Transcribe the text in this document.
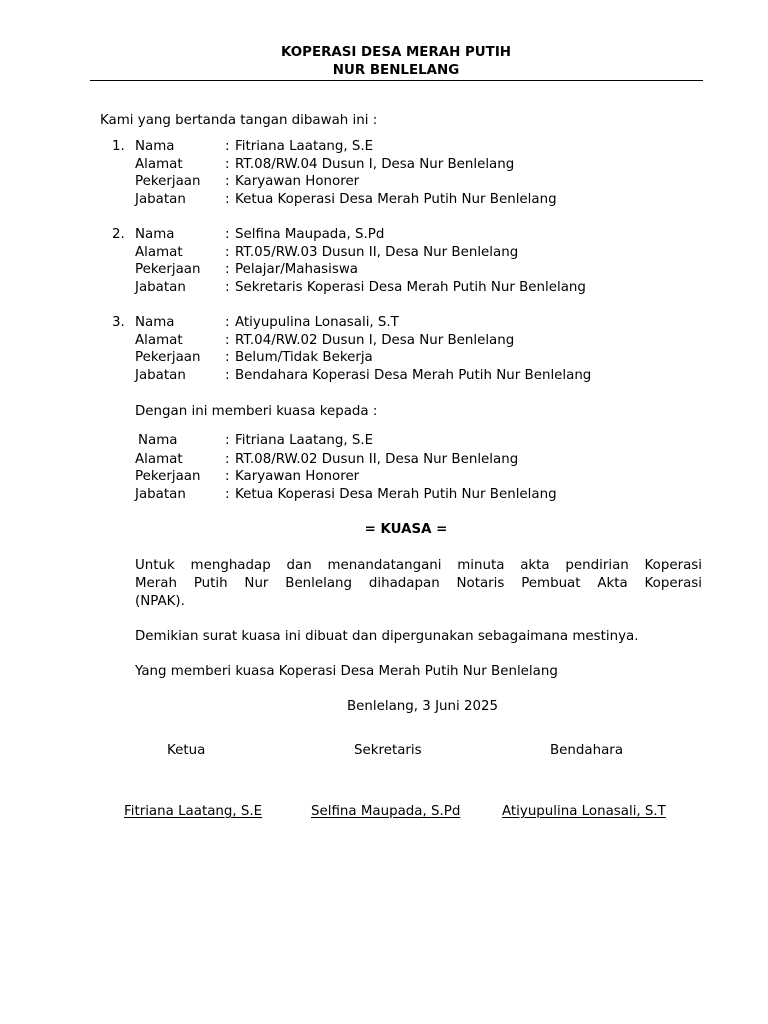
KOPERASI DESA MERAH PUTIH
NUR BENLELANG
Kami yang bertanda tangan dibawah ini :
1. Nama	: Fitriana Laatang, S.E
Alamat	: RT.08/RW.04 Dusun I, Desa Nur Benlelang
Pekerjaan : Karyawan Honorer
Jabatan	: Ketua Koperasi Desa Merah Putih Nur Benlelang
2. Nama	: Selfina Maupada, S.Pd
Alamat	: RT.05/RW.03 Dusun II, Desa Nur Benlelang
Pekerjaan : Pelajar/Mahasiswa
Jabatan	: Sekretaris Koperasi Desa Merah Putih Nur Benlelang
3. Nama	: Atiyupulina Lonasali, S.T
Alamat	: RT.04/RW.02 Dusun I, Desa Nur Benlelang
Pekerjaan : Belum/Tidak Bekerja
Jabatan	: Bendahara Koperasi Desa Merah Putih Nur Benlelang
Dengan ini memberi kuasa kepada :
Nama	: Fitriana Laatang, S.E
Alamat	: RT.08/RW.02 Dusun II, Desa Nur Benlelang
Pekerjaan : Karyawan Honorer
Jabatan	: Ketua Koperasi Desa Merah Putih Nur Benlelang
= KUASA =
Untuk menghadap dan menandatangani minuta akta pendirian Koperasi
Merah Putih Nur Benlelang dihadapan Notaris Pembuat Akta Koperasi
(NPAK).
Demikian surat kuasa ini dibuat dan dipergunakan sebagaimana mestinya.
Yang memberi kuasa Koperasi Desa Merah Putih Nur Benlelang
Benlelang, 3 Juni 2025
Ketua	Sekretaris	Bendahara
Fitriana Laatang, S.E	Selfina Maupada, S.Pd	Atiyupulina Lonasali, S.T
